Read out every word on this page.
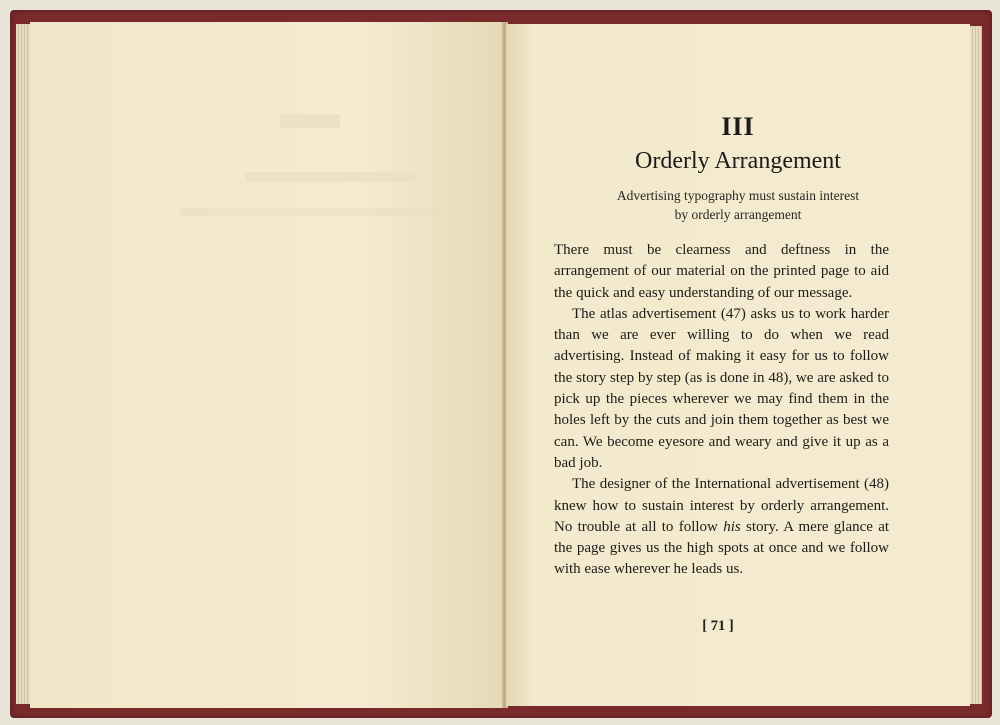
III
Orderly Arrangement
Advertising typography must sustain interest
by orderly arrangement

There must be clearness and deftness in the arrangement of our material on the printed page to aid the quick and easy understanding of our message.

The atlas advertisement (47) asks us to work harder than we are ever willing to do when we read advertising. Instead of making it easy for us to follow the story step by step (as is done in 48), we are asked to pick up the pieces wherever we may find them in the holes left by the cuts and join them together as best we can. We become eyesore and weary and give it up as a bad job.

The designer of the International advertisement (48) knew how to sustain interest by orderly arrangement. No trouble at all to follow his story. A mere glance at the page gives us the high spots at once and we follow with ease wherever he leads us.

[ 71 ]
